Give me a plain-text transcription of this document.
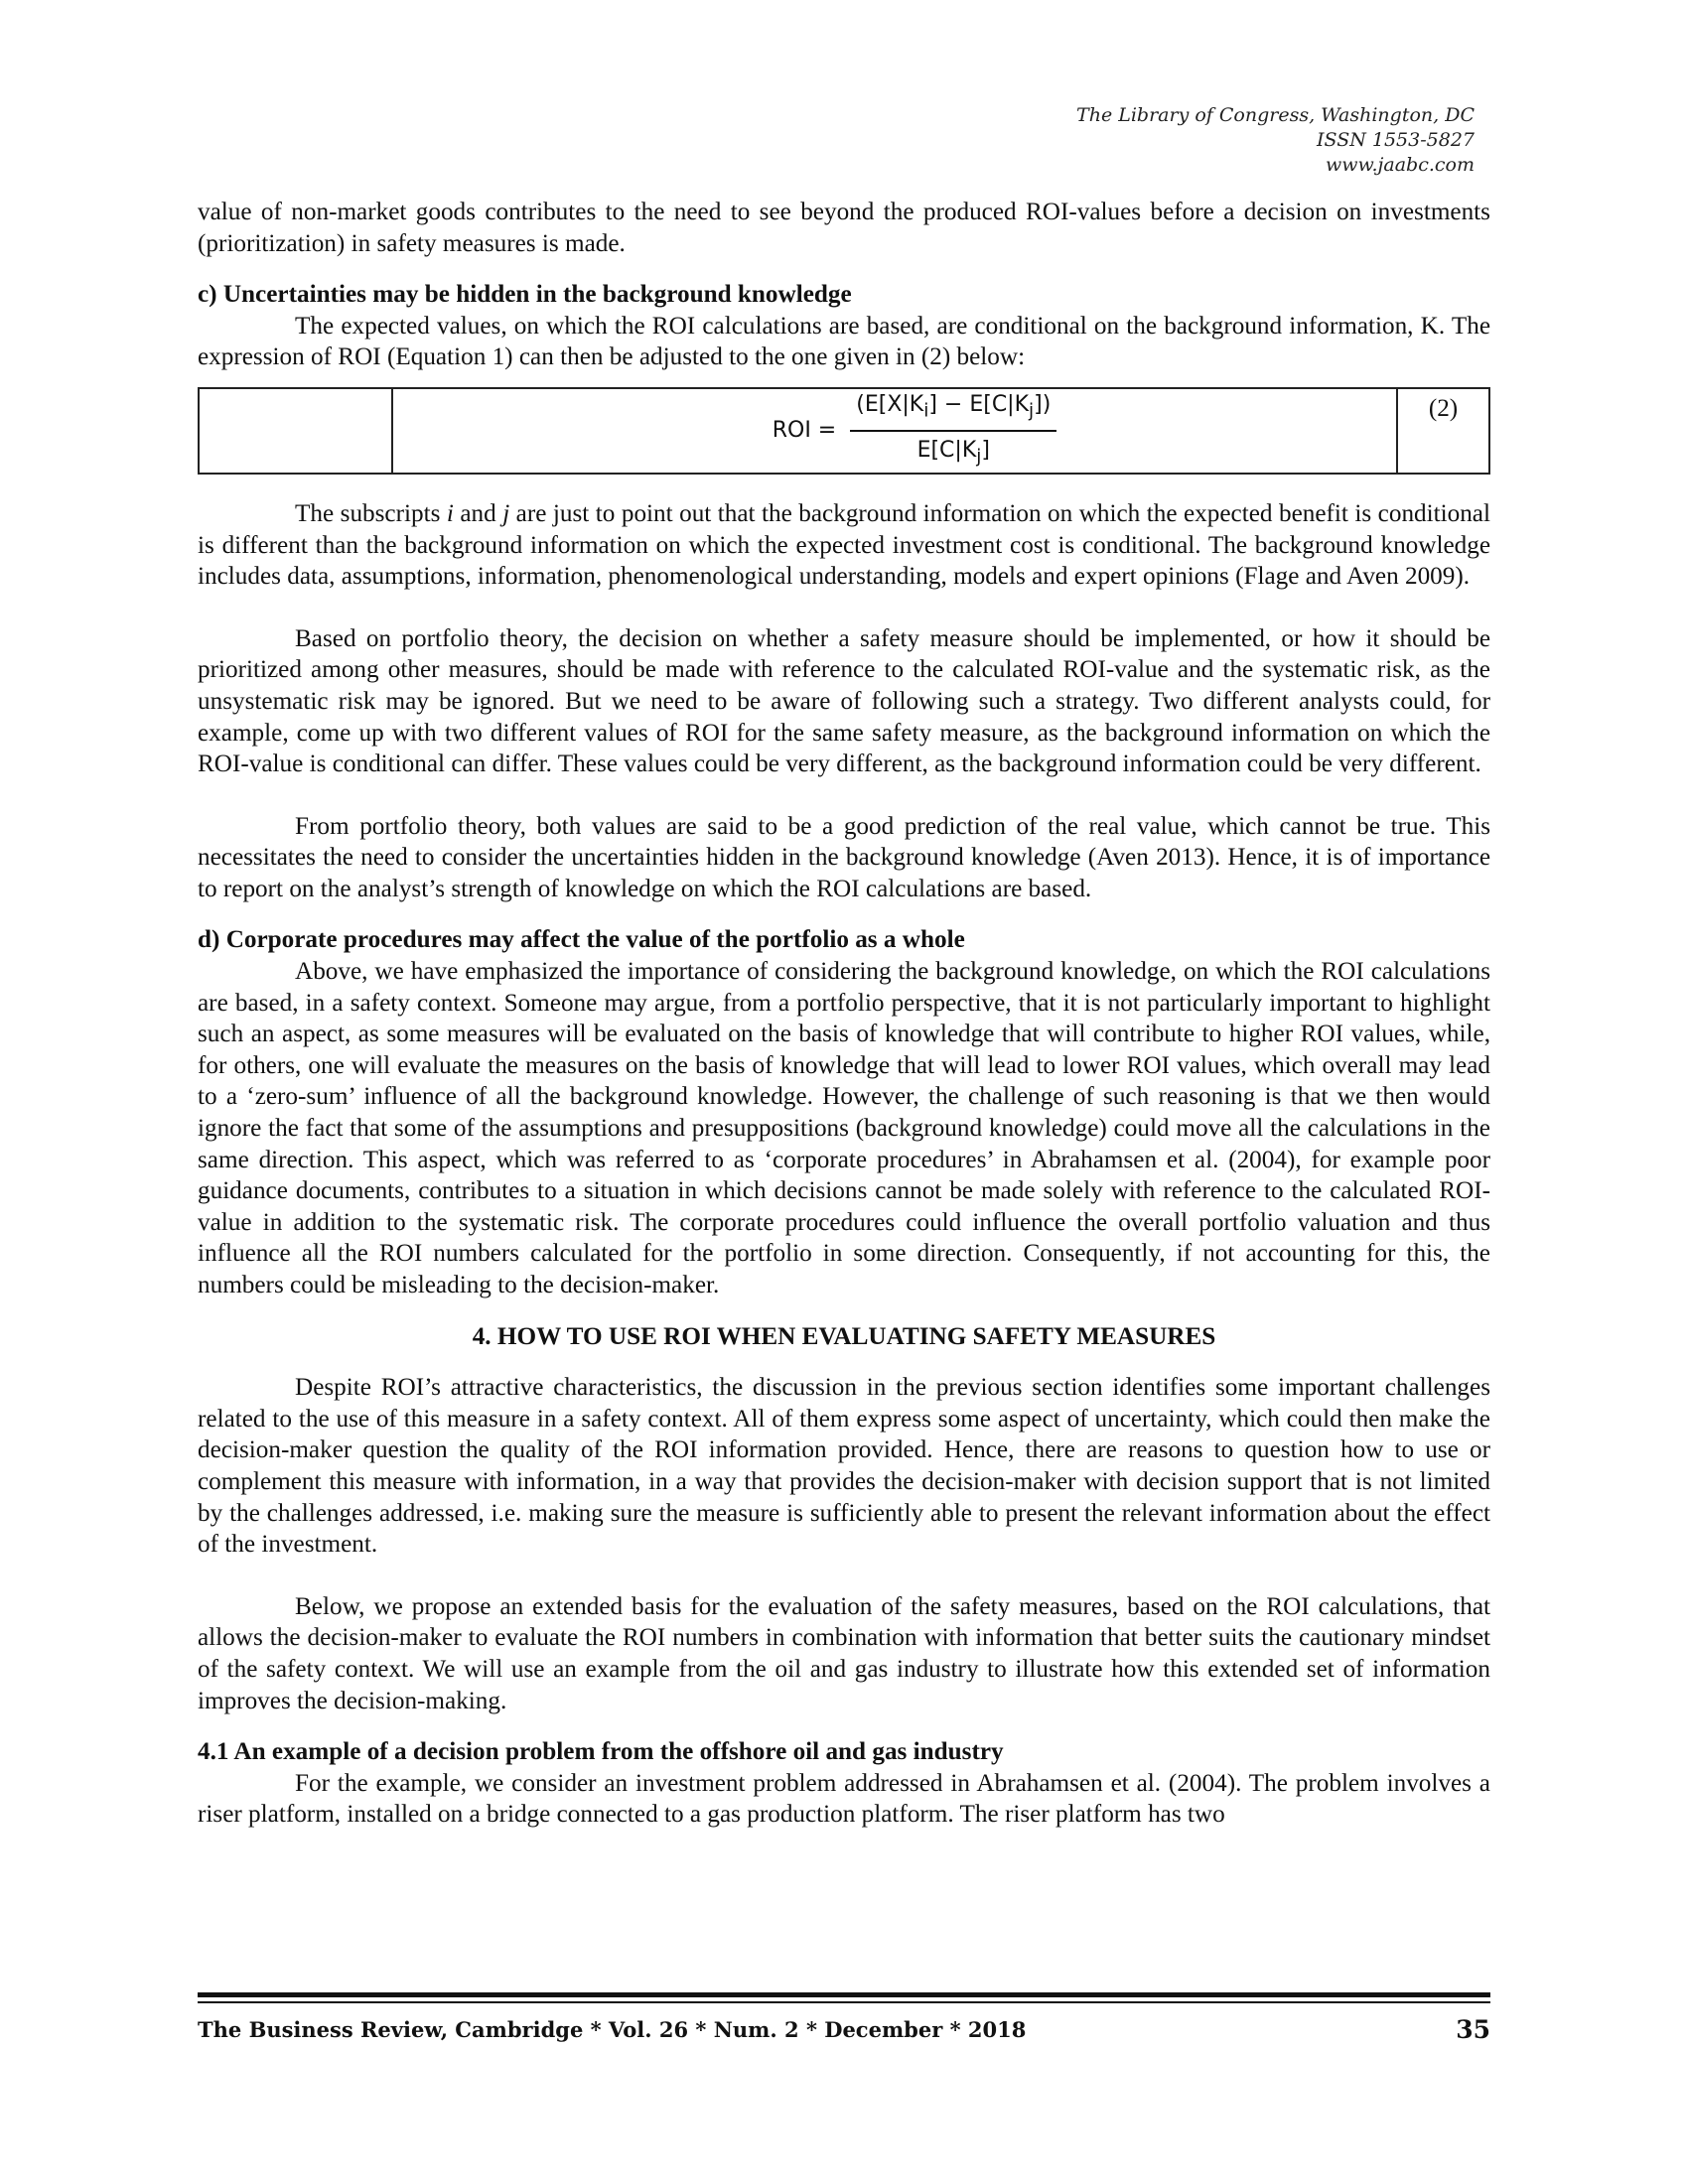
The Library of Congress, Washington, DC
ISSN 1553-5827
www.jaabc.com

value of non-market goods contributes to the need to see beyond the produced ROI-values before a decision on investments (prioritization) in safety measures is made.

c) Uncertainties may be hidden in the background knowledge

The expected values, on which the ROI calculations are based, are conditional on the background information, K. The expression of ROI (Equation 1) can then be adjusted to the one given in (2) below:

ROI = $\frac{(E[X|K_i] - E[C|K_j])}{E[C|K_j]}$	(2)

The subscripts i and j are just to point out that the background information on which the expected benefit is conditional is different than the background information on which the expected investment cost is conditional. The background knowledge includes data, assumptions, information, phenomenological understanding, models and expert opinions (Flage and Aven 2009).

Based on portfolio theory, the decision on whether a safety measure should be implemented, or how it should be prioritized among other measures, should be made with reference to the calculated ROI-value and the systematic risk, as the unsystematic risk may be ignored. But we need to be aware of following such a strategy. Two different analysts could, for example, come up with two different values of ROI for the same safety measure, as the background information on which the ROI-value is conditional can differ. These values could be very different, as the background information could be very different.

From portfolio theory, both values are said to be a good prediction of the real value, which cannot be true. This necessitates the need to consider the uncertainties hidden in the background knowledge (Aven 2013). Hence, it is of importance to report on the analyst’s strength of knowledge on which the ROI calculations are based.

d) Corporate procedures may affect the value of the portfolio as a whole

Above, we have emphasized the importance of considering the background knowledge, on which the ROI calculations are based, in a safety context. Someone may argue, from a portfolio perspective, that it is not particularly important to highlight such an aspect, as some measures will be evaluated on the basis of knowledge that will contribute to higher ROI values, while, for others, one will evaluate the measures on the basis of knowledge that will lead to lower ROI values, which overall may lead to a ‘zero-sum’ influence of all the background knowledge. However, the challenge of such reasoning is that we then would ignore the fact that some of the assumptions and presuppositions (background knowledge) could move all the calculations in the same direction. This aspect, which was referred to as ‘corporate procedures’ in Abrahamsen et al. (2004), for example poor guidance documents, contributes to a situation in which decisions cannot be made solely with reference to the calculated ROI-value in addition to the systematic risk. The corporate procedures could influence the overall portfolio valuation and thus influence all the ROI numbers calculated for the portfolio in some direction. Consequently, if not accounting for this, the numbers could be misleading to the decision-maker.

4. HOW TO USE ROI WHEN EVALUATING SAFETY MEASURES

Despite ROI’s attractive characteristics, the discussion in the previous section identifies some important challenges related to the use of this measure in a safety context. All of them express some aspect of uncertainty, which could then make the decision-maker question the quality of the ROI information provided. Hence, there are reasons to question how to use or complement this measure with information, in a way that provides the decision-maker with decision support that is not limited by the challenges addressed, i.e. making sure the measure is sufficiently able to present the relevant information about the effect of the investment.

Below, we propose an extended basis for the evaluation of the safety measures, based on the ROI calculations, that allows the decision-maker to evaluate the ROI numbers in combination with information that better suits the cautionary mindset of the safety context. We will use an example from the oil and gas industry to illustrate how this extended set of information improves the decision-making.

4.1 An example of a decision problem from the offshore oil and gas industry

For the example, we consider an investment problem addressed in Abrahamsen et al. (2004). The problem involves a riser platform, installed on a bridge connected to a gas production platform. The riser platform has two

The Business Review, Cambridge * Vol. 26 * Num. 2 * December * 2018	35
